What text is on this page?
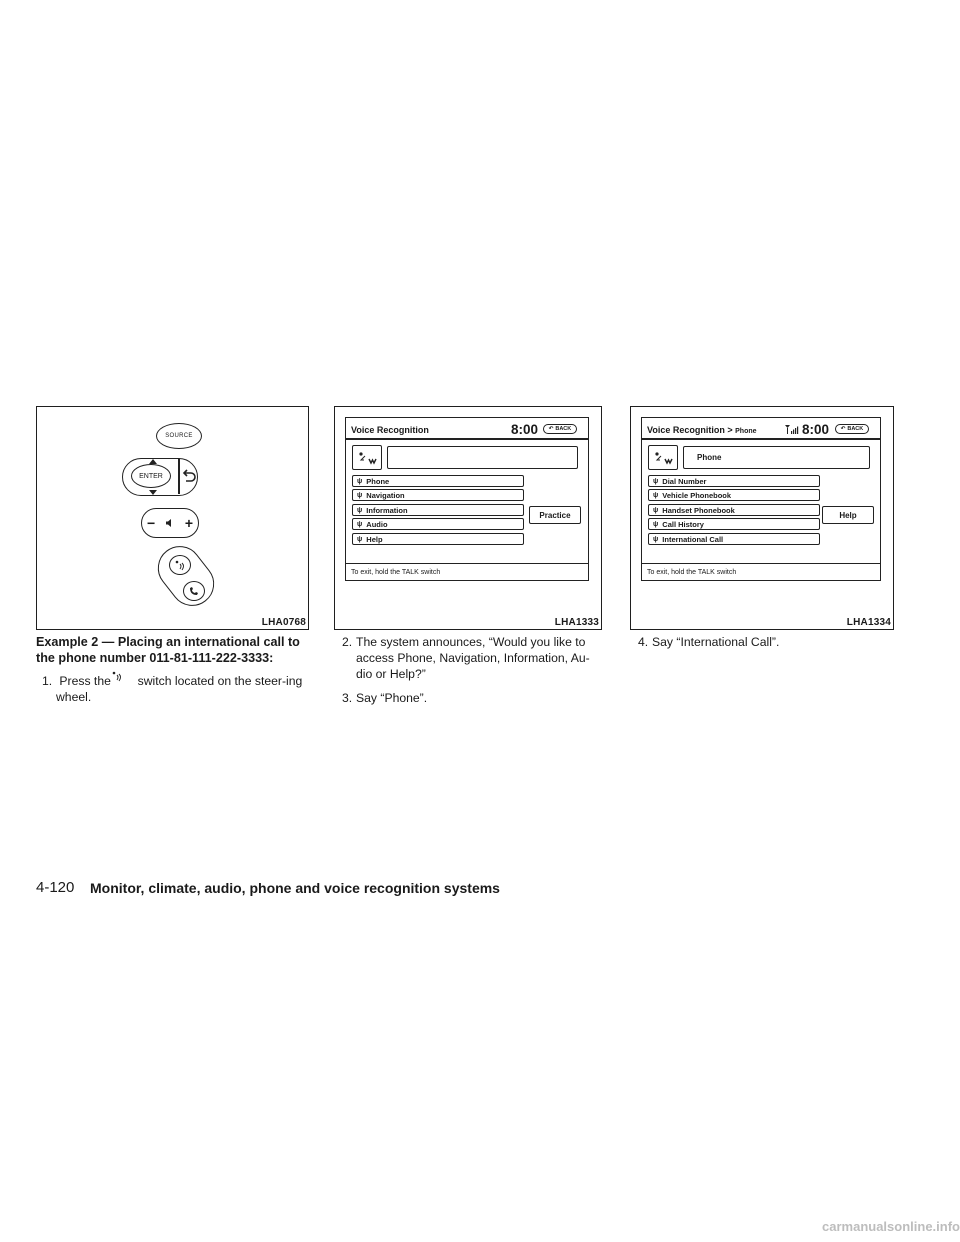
SOURCE
ENTER
− +
LHA0768
Voice Recognition	8:00 ↶ BACK
ψ Phone
ψ Navigation
ψ Information
ψ Audio
ψ Help
Practice
To exit, hold the TALK switch
LHA1333
Voice Recognition > Phone	8:00 ↶ BACK
Phone
ψ Dial Number
ψ Vehicle Phonebook
ψ Handset Phonebook
ψ Call History
ψ International Call
Help
To exit, hold the TALK switch
LHA1334
Example 2 — Placing an international call to the phone number 011-81-111-222-3333:
1. Press the switch located on the steer-ing wheel.
2. The system announces, “Would you like to access Phone, Navigation, Information, Au-dio or Help?”
3. Say “Phone”.
4. Say “International Call”.
4-120 Monitor, climate, audio, phone and voice recognition systems
carmanualsonline.info
